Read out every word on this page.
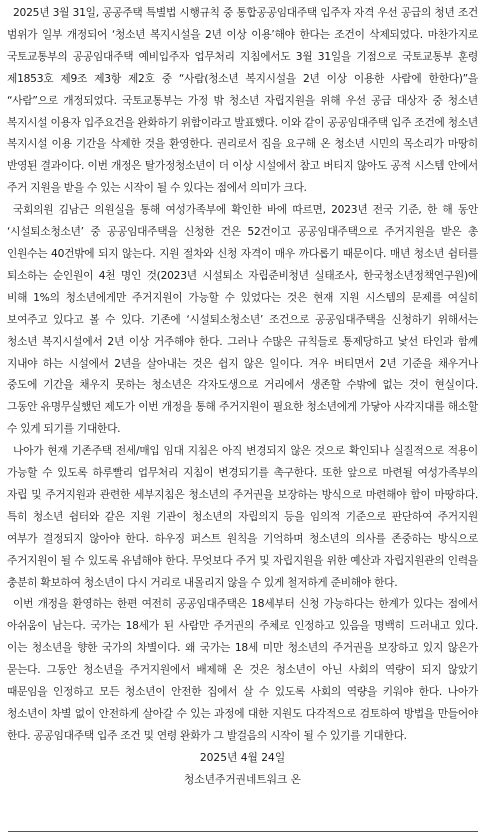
2025년 3월 31일, 공공주택 특별법 시행규칙 중 통합공공임대주택 입주자 자격 우선 공급의 청년 조건 범위가 일부 개정되어 ‘청소년 복지시설을 2년 이상 이용’해야 한다는 조건이 삭제되었다. 마찬가지로 국토교통부의 공공임대주택 예비입주자 업무처리 지침에서도 3월 31일을 기점으로 국토교통부 훈령 제1853호 제9조 제3항 제2호 중 “사람(청소년 복지시설을 2년 이상 이용한 사람에 한한다)”을 “사람”으로 개정되었다. 국토교통부는 가정 밖 청소년 자립지원을 위해 우선 공급 대상자 중 청소년 복지시설 이용자 입주요건을 완화하기 위함이라고 발표했다. 이와 같이 공공임대주택 입주 조건에 청소년 복지시설 이용 기간을 삭제한 것을 환영한다. 권리로서 집을 요구해 온 청소년 시민의 목소리가 마땅히 반영된 결과이다. 이번 개정은 탈가정청소년이 더 이상 시설에서 참고 버티지 않아도 공적 시스템 안에서 주거 지원을 받을 수 있는 시작이 될 수 있다는 점에서 의미가 크다.

국회의원 김남근 의원실을 통해 여성가족부에 확인한 바에 따르면, 2023년 전국 기준, 한 해 동안 ‘시설퇴소청소년’ 중 공공임대주택을 신청한 건은 52건이고 공공임대주택으로 주거지원을 받은 총 인원수는 40건밖에 되지 않는다. 지원 절차와 신청 자격이 매우 까다롭기 때문이다. 매년 청소년 쉼터를 퇴소하는 순인원이 4천 명인 것(2023년 시설퇴소 자립준비청년 실태조사, 한국청소년정책연구원)에 비해 1%의 청소년에게만 주거지원이 가능할 수 있었다는 것은 현재 지원 시스템의 문제를 여실히 보여주고 있다고 볼 수 있다. 기존에 ‘시설퇴소청소년’ 조건으로 공공임대주택을 신청하기 위해서는 청소년 복지시설에서 2년 이상 거주해야 한다. 그러나 수많은 규칙들로 통제당하고 낯선 타인과 함께 지내야 하는 시설에서 2년을 살아내는 것은 쉽지 않은 일이다. 겨우 버티면서 2년 기준을 채우거나 중도에 기간을 채우지 못하는 청소년은 각자도생으로 거리에서 생존할 수밖에 없는 것이 현실이다. 그동안 유명무실했던 제도가 이번 개정을 통해 주거지원이 필요한 청소년에게 가닿아 사각지대를 해소할 수 있게 되기를 기대한다.

나아가 현재 기존주택 전세/매입 임대 지침은 아직 변경되지 않은 것으로 확인되나 실질적으로 적용이 가능할 수 있도록 하루빨리 업무처리 지침이 변경되기를 촉구한다. 또한 앞으로 마련될 여성가족부의 자립 및 주거지원과 관련한 세부지침은 청소년의 주거권을 보장하는 방식으로 마련해야 함이 마땅하다. 특히 청소년 쉼터와 같은 지원 기관이 청소년의 자립의지 등을 임의적 기준으로 판단하여 주거지원 여부가 결정되지 않아야 한다. 하우징 퍼스트 원칙을 기억하며 청소년의 의사를 존중하는 방식으로 주거지원이 될 수 있도록 유념해야 한다. 무엇보다 주거 및 자립지원을 위한 예산과 자립지원관의 인력을 충분히 확보하여 청소년이 다시 거리로 내몰리지 않을 수 있게 철저하게 준비해야 한다.

이번 개정을 환영하는 한편 여전히 공공임대주택은 18세부터 신청 가능하다는 한계가 있다는 점에서 아쉬움이 남는다. 국가는 18세가 된 사람만 주거권의 주체로 인정하고 있음을 명백히 드러내고 있다. 이는 청소년을 향한 국가의 차별이다. 왜 국가는 18세 미만 청소년의 주거권을 보장하고 있지 않은가 묻는다. 그동안 청소년을 주거지원에서 배제해 온 것은 청소년이 아닌 사회의 역량이 되지 않았기 때문임을 인정하고 모든 청소년이 안전한 집에서 살 수 있도록 사회의 역량을 키워야 한다. 나아가 청소년이 차별 없이 안전하게 살아갈 수 있는 과정에 대한 지원도 다각적으로 검토하여 방법을 만들어야 한다. 공공임대주택 입주 조건 및 연령 완화가 그 발걸음의 시작이 될 수 있기를 기대한다.

2025년 4월 24일

청소년주거권네트워크 온
